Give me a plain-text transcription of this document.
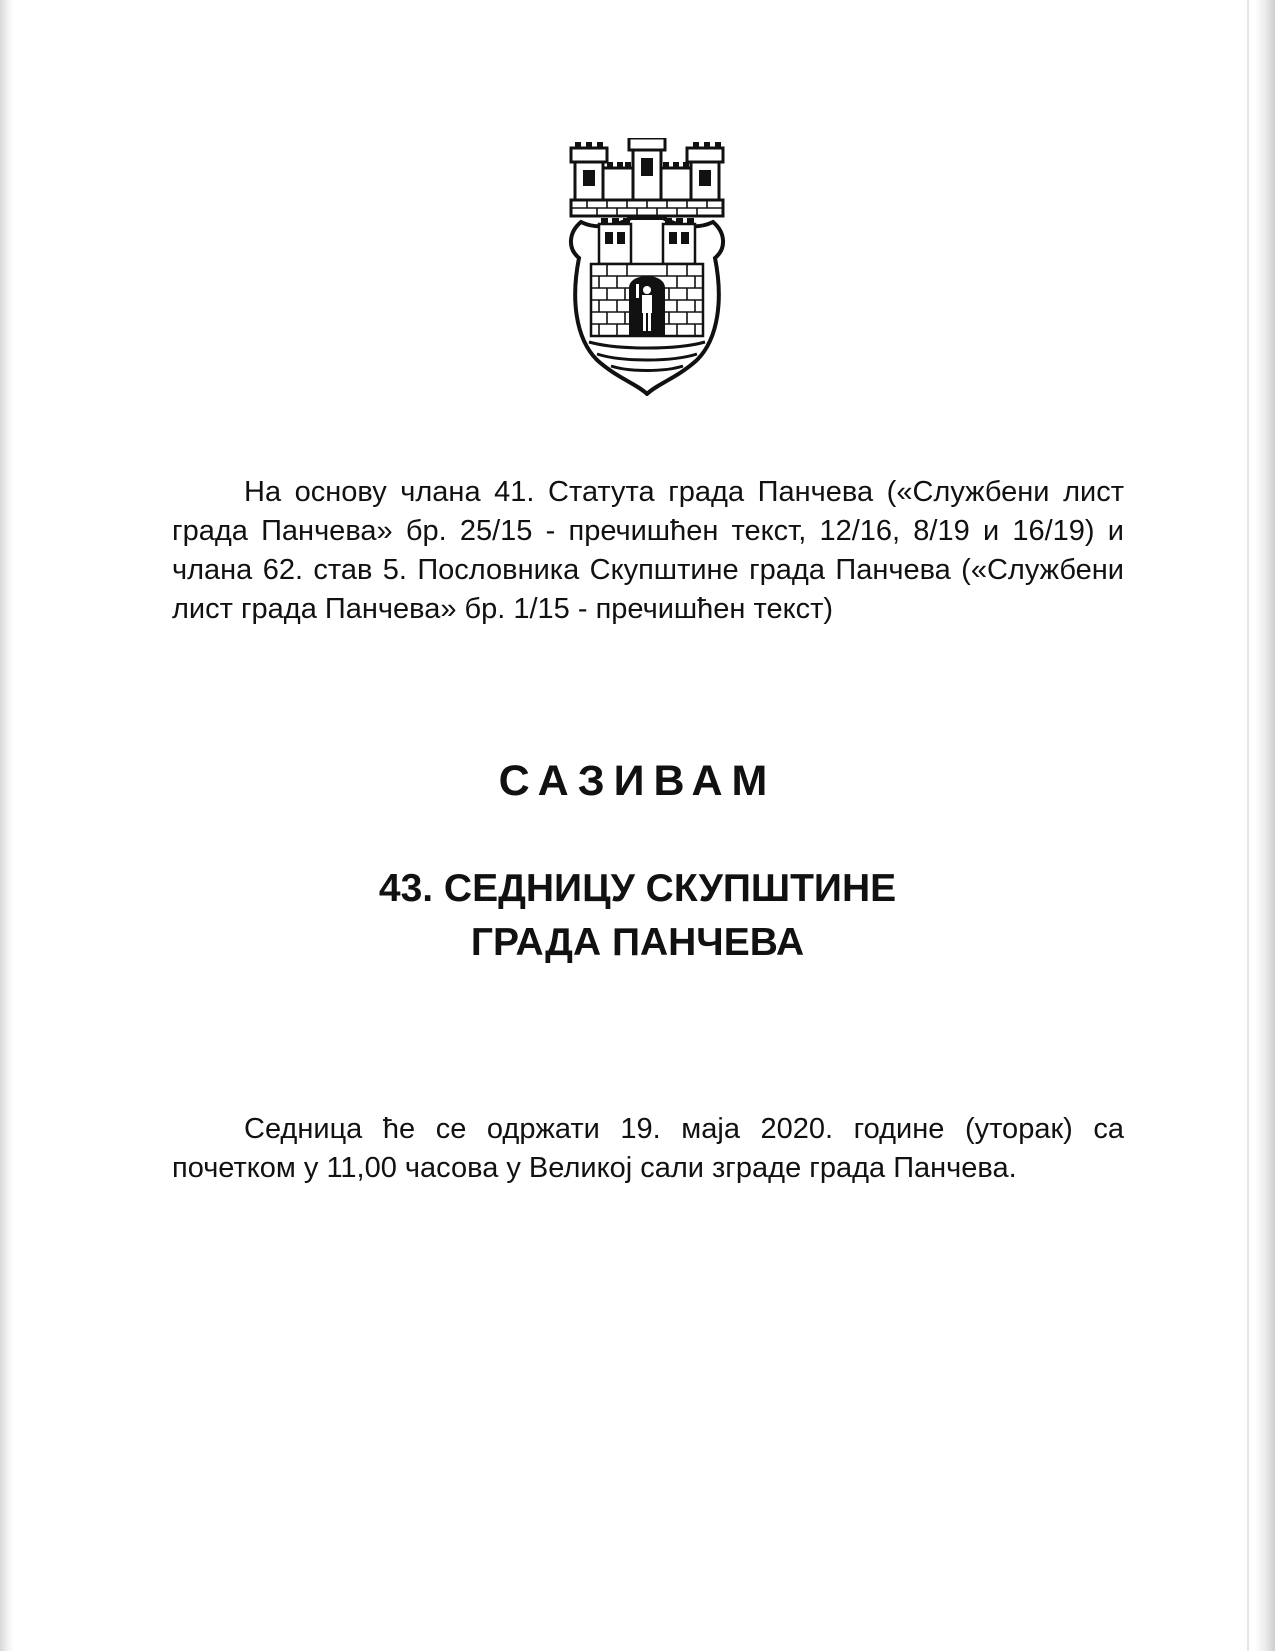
На основу члана 41. Статута града Панчева («Службени лист града Панчева» бр. 25/15 - пречишћен текст, 12/16, 8/19 и 16/19) и члана 62. став 5. Пословника Скупштине града Панчева («Службени лист града Панчева» бр. 1/15 - пречишћен текст)

САЗИВАМ
43. СЕДНИЦУ СКУПШТИНЕ
ГРАДА ПАНЧЕВА

Седница ће се одржати 19. маја 2020. године (уторак) са почетком у 11,00 часова у Великој сали зграде града Панчева.
